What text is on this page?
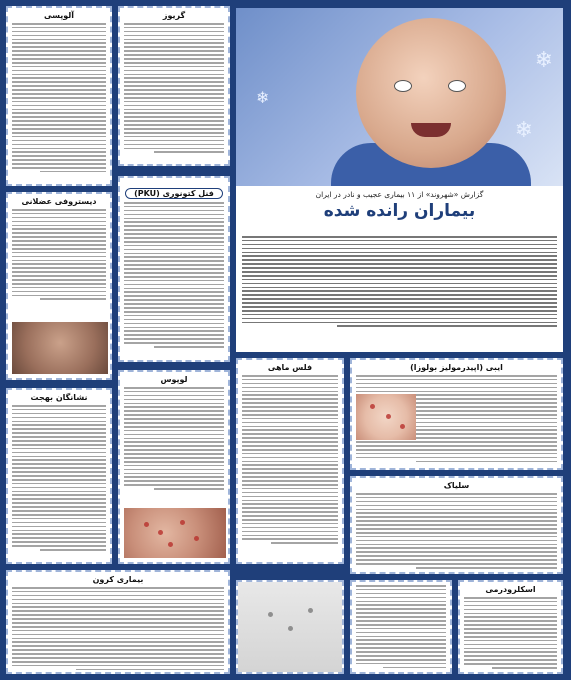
❄
❄
❄
گزارش «شهروند» از ۱۱ بیماری عجیب و نادر در ایران
بیماران رانده شده
آلوپسی	گریوز
فنل کتونوری (PKU)
دیستروفی عضلانی
نشانگان بهجت
لوپوس
فلس ماهی	ایبی (اپیدرمولیز بولوزا)
سلیاک
بیماری کرون
اسکلرودرمی
